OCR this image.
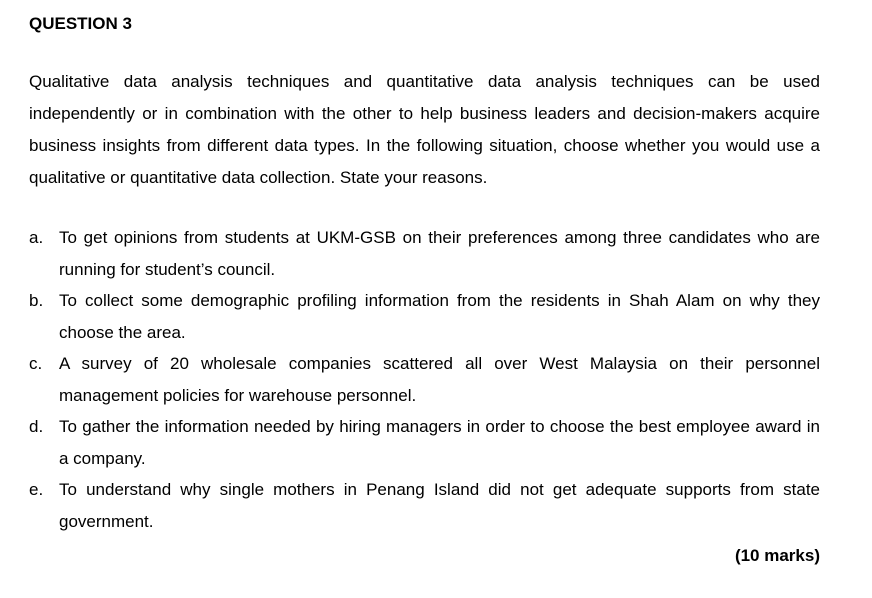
QUESTION 3

Qualitative data analysis techniques and quantitative data analysis techniques can be used independently or in combination with the other to help business leaders and decision-makers acquire business insights from different data types. In the following situation, choose whether you would use a qualitative or quantitative data collection. State your reasons.

a. To get opinions from students at UKM-GSB on their preferences among three candidates who are running for student’s council.
b. To collect some demographic profiling information from the residents in Shah Alam on why they choose the area.
c. A survey of 20 wholesale companies scattered all over West Malaysia on their personnel management policies for warehouse personnel.
d. To gather the information needed by hiring managers in order to choose the best employee award in a company.
e. To understand why single mothers in Penang Island did not get adequate supports from state government.
(10 marks)
